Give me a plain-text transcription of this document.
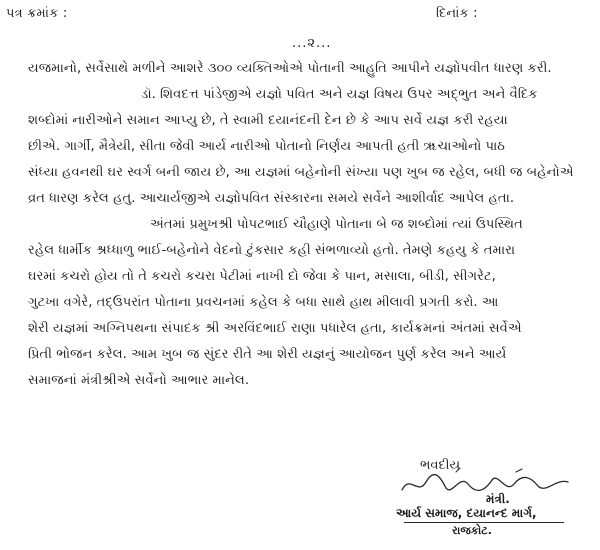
પત્ર ક્રમાંક :	દિનાંક :
...૨...
યજમાનો, સર્વેસાથે મળીને આશરે ૩૦૦ વ્યક્તિઓએ પોતાની આહુતિ આપીને યજ્ઞોપવીત ધારણ કરી.
ડૉ. શિવદત્ત પાંડેજીએ યજ્ઞો પવિત અને યજ્ઞ વિષય ઉપર અદ્ભુત અને વૈદિક
શબ્દોમાં નારીઓને સમાન આપ્યુ છે, તે સ્વામી દયાનંદની દેન છે કે આપ સર્વે યજ્ઞ કરી રહયા
છીએ. ગાર્ગી, મૈત્રેયી, સીતા જેવી આર્ય નારીઓ પોતાનો નિર્ણય આપતી હતી ૠચાઓનો પાઠ
સંધ્યા હવનથી ઘર સ્વર્ગ બની જાય છે, આ યજ્ઞમાં બહેનોની સંખ્યા પણ ખુબ જ રહેલ, બધી જ બહેનોએ
વ્રત ધારણ કરેલ હતુ. આચાર્યજીએ યજ્ઞોપવિત સંસ્કારના સમયે સર્વેને આશીર્વાદ આપેલ હતા.
અંતમાં પ્રમુખશ્રી પોપટભાઈ ચૌહાણે પોતાના બે જ શબ્દોમાં ત્યાં ઉપસ્થિત
રહેલ ધાર્મીક શ્રધ્ધાળુ ભાઈ-બહેનોને વેદનો ટુંકસાર કહી સંભળાવ્યો હતો. તેમણે કહયુ કે તમારા
ઘરમાં કચરો હોય તો તે કચરો કચરા પેટીમાં નાખી દો જેવા કે પાન, મસાલા, બીડી, સીગરેટ,
ગુટખા વગેરે, તદ્ઉપરાંત પોતાના પ્રવચનમાં કહેલ કે બધા સાથે હાથ મીલાવી પ્રગતી કરો. આ
શેરી યજ્ઞમાં અગ્નિપથના સંપાદક શ્રી અરવિંદભાઈ રાણા પધારેલ હતા, કાર્યક્રમનાં અંતમાં સર્વેએ
પ્રિતી ભોજન કરેલ. આમ ખુબ જ સુંદર રીતે આ શેરી યજ્ઞનું આયોજન પુર્ણ કરેલ અને આર્ય
સમાજનાં મંત્રીશ્રીએ સર્વેનો આભાર માનેલ.
ભવદીય
મંત્રી.
આર્ય સમાજ, દયાનન્દ માર્ગ,
રાજકોટ.
